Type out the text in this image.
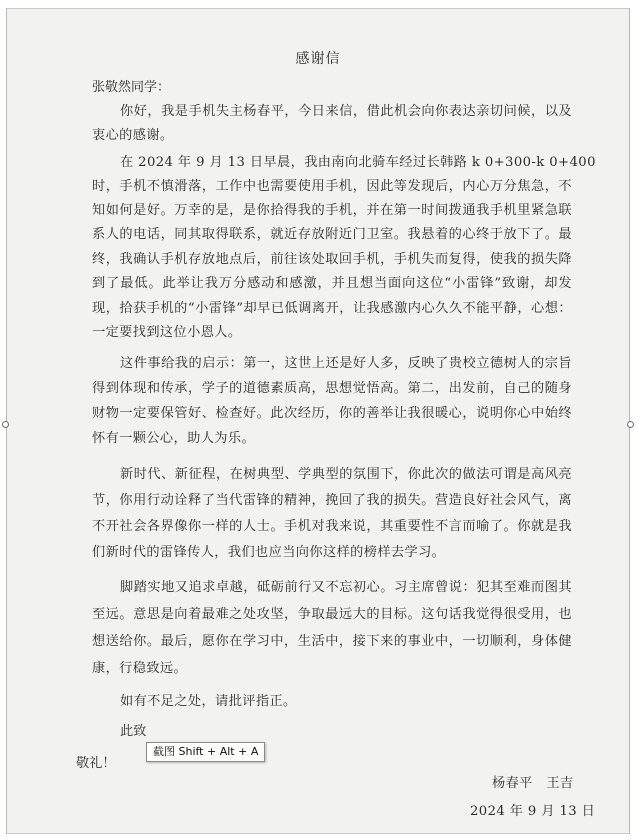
感谢信
张敬然同学：
你好，我是手机失主杨春平，今日来信，借此机会向你表达亲切问候，以及
衷心的感谢。
在 2024 年 9 月 13 日早晨，我由南向北骑车经过长韩路 k 0+300-k 0+400
时，手机不慎滑落，工作中也需要使用手机，因此等发现后，内心万分焦急，不
知如何是好。万幸的是，是你拾得我的手机，并在第一时间拨通我手机里紧急联
系人的电话，同其取得联系，就近存放附近门卫室。我悬着的心终于放下了。最
终，我确认手机存放地点后，前往该处取回手机，手机失而复得，使我的损失降
到了最低。此举让我万分感动和感激，并且想当面向这位“小雷锋”致谢，却发
现，拾获手机的“小雷锋”却早已低调离开，让我感激内心久久不能平静，心想：
一定要找到这位小恩人。
这件事给我的启示：第一，这世上还是好人多，反映了贵校立德树人的宗旨
得到体现和传承，学子的道德素质高，思想觉悟高。第二，出发前，自己的随身
财物一定要保管好、检查好。此次经历，你的善举让我很暖心，说明你心中始终
怀有一颗公心，助人为乐。
新时代、新征程，在树典型、学典型的氛围下，你此次的做法可谓是高风亮
节，你用行动诠释了当代雷锋的精神，挽回了我的损失。营造良好社会风气，离
不开社会各界像你一样的人士。手机对我来说，其重要性不言而喻了。你就是我
们新时代的雷锋传人，我们也应当向你这样的榜样去学习。
脚踏实地又追求卓越，砥砺前行又不忘初心。习主席曾说：犯其至难而图其
至远。意思是向着最难之处攻坚，争取最远大的目标。这句话我觉得很受用，也
想送给你。最后，愿你在学习中，生活中，接下来的事业中，一切顺利，身体健
康，行稳致远。
如有不足之处，请批评指正。
此致
敬礼！
杨春平　王吉
2024 年 9 月 13 日
截图 Shift + Alt + A
